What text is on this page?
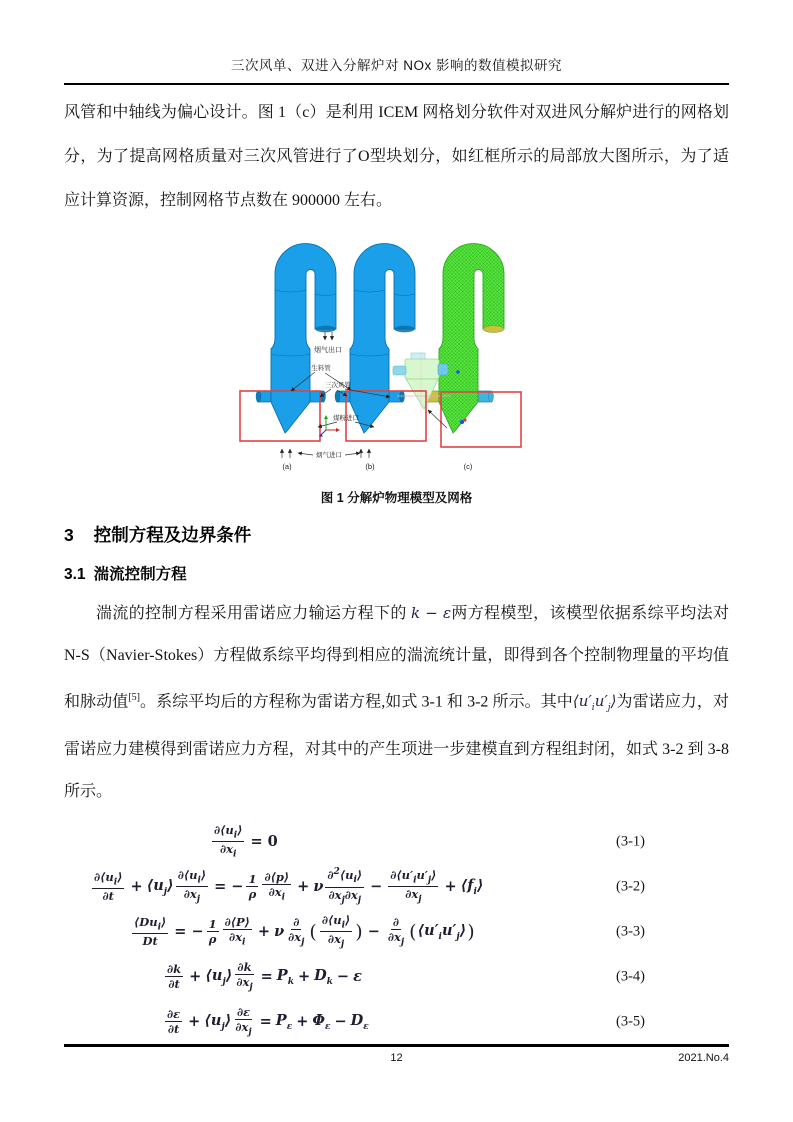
三次风单、双进入分解炉对 NOx 影响的数值模拟研究

风管和中轴线为偏心设计。图 1（c）是利用 ICEM 网格划分软件对双进风分解炉进行的网格划分，为了提高网格质量对三次风管进行了O型块划分，如红框所示的局部放大图所示，为了适应计算资源，控制网格节点数在 900000 左右。

烟气出口
生料管
三次风管
煤粉进口
烟气进口
(a)	(b)	(c)
图 1 分解炉物理模型及网格
3 控制方程及边界条件
3.1 湍流控制方程

湍流的控制方程采用雷诺应力输运方程下的 k − ε两方程模型，该模型依据系综平均法对 N-S（Navier-Stokes）方程做系综平均得到相应的湍流统计量，即得到各个控制物理量的平均值和脉动值[5]。系综平均后的方程称为雷诺方程,如式 3-1 和 3-2 所示。其中$⟨u'_iu'_j⟩$为雷诺应力，对雷诺应力建模得到雷诺应力方程，对其中的产生项进一步建模直到方程组封闭，如式 3-2 到 3-8 所示。

$\frac{\partial⟨u_i⟩}{\partial x_i} = 0$	(3-1)
$\partial⟨u_i⟩$
∂t
+ $⟨u_j⟩ \frac{\partial⟨u_i⟩}{\partial x_j}$ = − $\frac{1}{\rho}$ ∂⟨p⟩
$\partial x_i$
+ ν
$\partial^2⟨u_i⟩$
$\partial x_j\partial x_j$
− $\frac{\partial⟨u'_iu'_j⟩}{\partial x_j}$ + $⟨f_i⟩$	(3-2)
$⟨Du_i⟩$
Dt
= − $\frac{1}{\rho}$ ∂⟨P⟩
$\partial x_i$
+ ν
∂
$\partial x_j$ (
$\partial⟨u_i⟩$
$\partial x_j$
) −
∂
$\partial x_j$ ( $⟨u'_iu'_j⟩$ )	(3-3)
∂k
$\partial t + ⟨u_j⟩ \frac{\partial k}{\partial x_j} = P_k + D_k - \varepsilon$	(3-4)
∂ε
$\partial t + ⟨u_j⟩ \frac{\partial\varepsilon}{\partial x_j} = P_\varepsilon + \Phi_\varepsilon - D_\varepsilon$	(3-5)
12	2021.No.4
